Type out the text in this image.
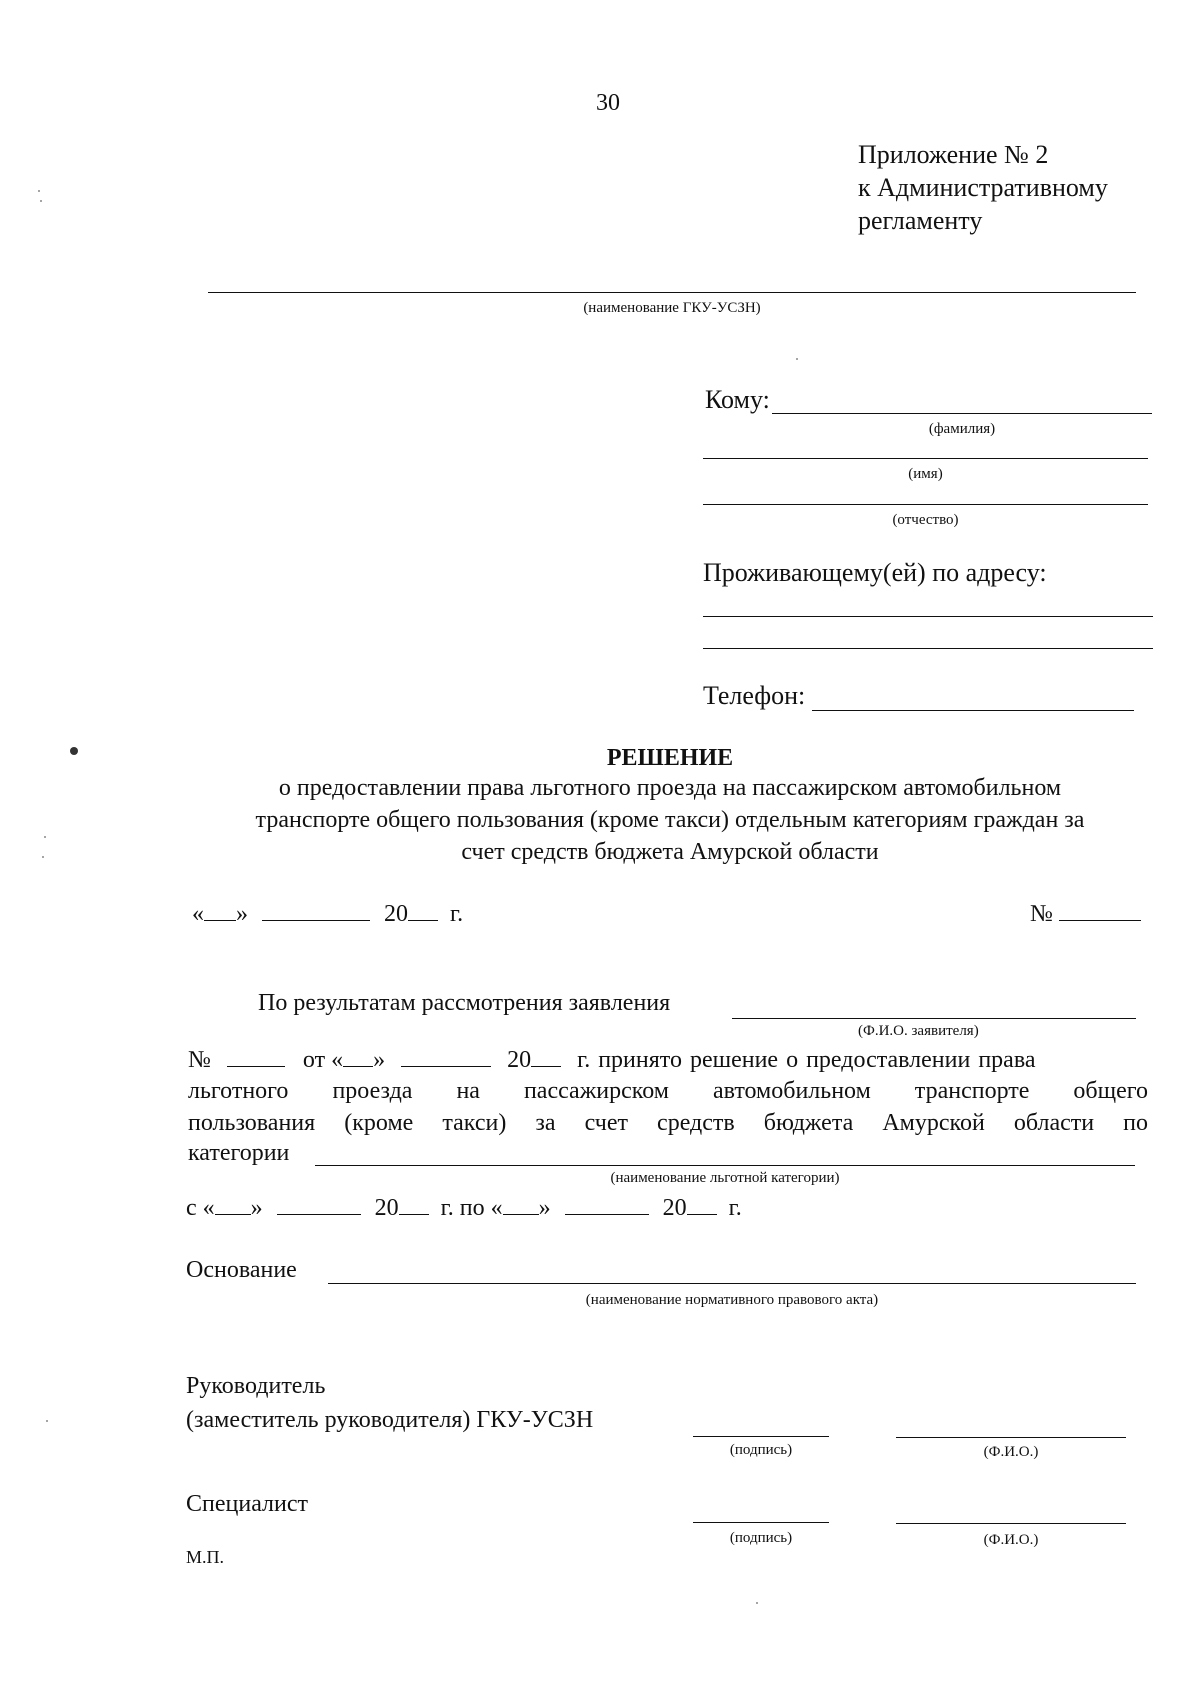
30
Приложение № 2
к Административному
регламенту
(наименование ГКУ-УСЗН)
Кому:
(фамилия)
(имя)
(отчество)
Проживающему(ей) по адресу:
Телефон:
РЕШЕНИЕ
о предоставлении права льготного проезда на пассажирском автомобильном
транспорте общего пользования (кроме такси) отдельным категориям граждан за
счет средств бюджета Амурской области
« »	20 г.	№
По результатам рассмотрения заявления
(Ф.И.О. заявителя)
№	от « »	20 г. принято решение о предоставлении права
льготного проезда на пассажирском автомобильном транспорте общего
пользования (кроме такси) за счет средств бюджета Амурской области по
категории
(наименование льготной категории)
с « »	20 г. по « »	20 г.
Основание
(наименование нормативного правового акта)
Руководитель
(заместитель руководителя) ГКУ-УСЗН
(подпись)	(Ф.И.О.)
Специалист
(подпись)	(Ф.И.О.)
М.П.
